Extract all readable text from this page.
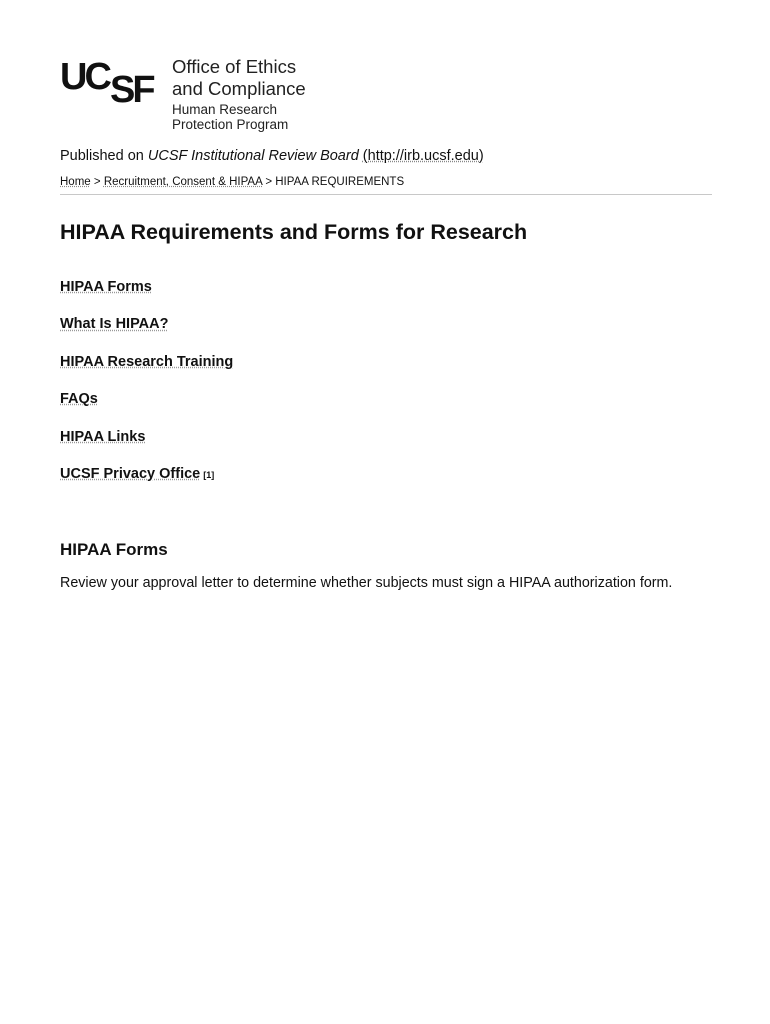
UC SF
Office of Ethics
and Compliance
Human Research
Protection Program
Published on UCSF Institutional Review Board (http://irb.ucsf.edu)
Home > Recruitment, Consent & HIPAA > HIPAA REQUIREMENTS
HIPAA Requirements and Forms for Research
HIPAA Forms
What Is HIPAA?
HIPAA Research Training
FAQs
HIPAA Links
UCSF Privacy Office [1]
HIPAA Forms
Review your approval letter to determine whether subjects must sign a HIPAA authorization form.
